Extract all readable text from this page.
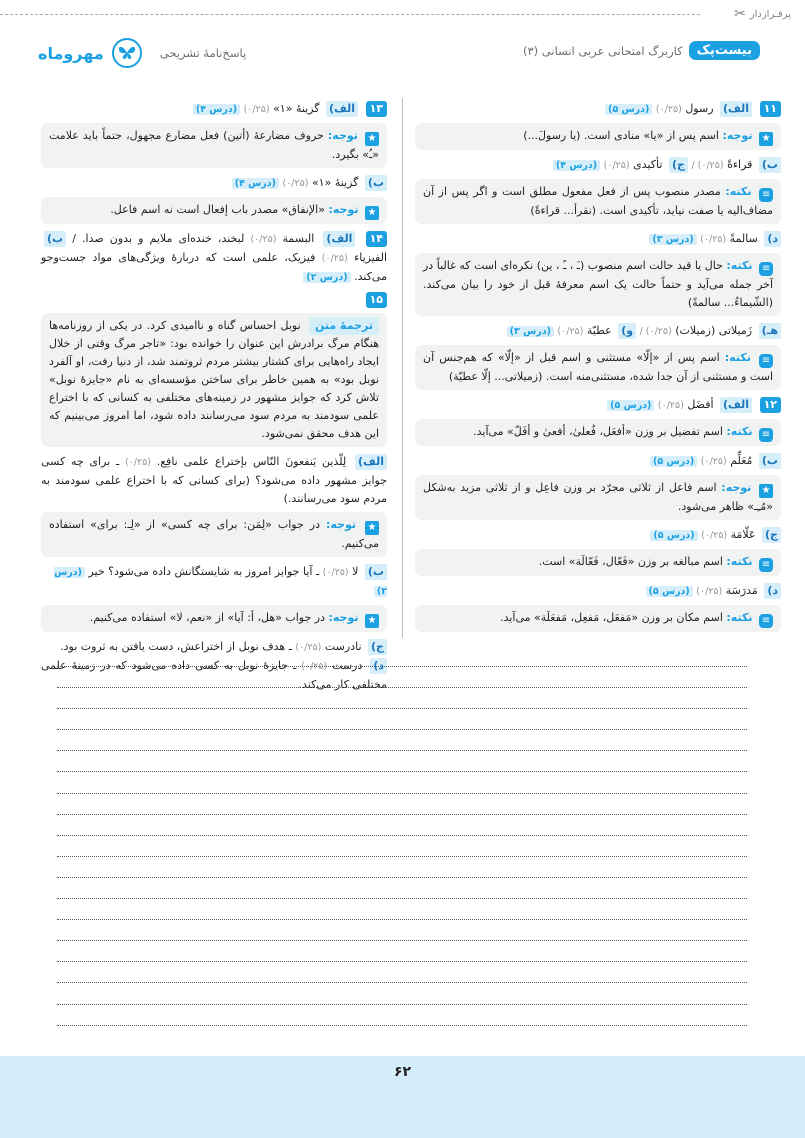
پرفـرازدار
✂
بیست‌پک
کاربرگ امتحانی عربی انسانی (۳)
پاسخ‌نامهٔ تشریحی
مهروماه
۱۱ الف) رسول (۰/۲۵) (درس ۵)
★ توجه: اسم پس از «یا» منادی است. (یا رسولَ...)
ب) قراءةً (۰/۲۵) / ج) تأکیدی (۰/۲۵) (درس ۴)
≡ نکته: مصدر منصوب پس از فعل مفعول مطلق است و اگر پس از آن مضاف‌الیه یا صفت نیاید، تأکیدی است. (نقرأ... قراءةً)
د) سالمةً (۰/۲۵) (درس ۳)
≡ نکته: حال یا قید حالت اسم منصوب (ـَ ، ـً ، ین) نکره‌ای است که غالباً در آخر جمله می‌آید و حتماً حالت یک اسم معرفهٔ قبل از خود را بیان می‌کند. (الشّیماءُ... سالمةً)
هـ) زَمیلاتی (زمیلات) (۰/۲۵) / و) عطیّة (۰/۲۵) (درس ۳)
≡ نکته: اسم پس از «إلّا» مستثنی و اسم قبل از «إلّا» که هم‌جنس آن است و مستثنی از آن جدا شده، مستثنی‌منه است. (زمیلاتی... إلّا عطیّة)
۱۲ الف) أفضَل (۰/۲۵) (درس ۵)
≡ نکته: اسم تفضیل بر وزن «أفعَل، فُعلیٰ، أفعیٰ و أفَلّ» می‌آید.
ب) مُعَلِّم (۰/۲۵) (درس ۵)
★ توجه: اسم فاعل از ثلاثی مجرّد بر وزن فاعِل و از ثلاثی مزید به‌شکل «مُـِـ» ظاهر می‌شود.
ج) عَلّامَة (۰/۲۵) (درس ۵)
≡ نکته: اسم مبالغه بر وزن «فَعّال، فَعّالَة» است.
د) مَدرَسَة (۰/۲۵) (درس ۵)
≡ نکته: اسم مکان بر وزن «مَفعَل، مَفعِل، مَفعَلَة» می‌آید.
۱۳ الف) گزینهٔ «۱» (۰/۲۵) (درس ۴)
★ توجه: حروف مضارعهٔ (أتین) فعل مضارع مجهول، حتماً باید علامت «ـُ» بگیرد.
ب) گزینهٔ «۱» (۰/۲۵) (درس ۴)
★ توجه: «الإنفاق» مصدر باب إفعال است نه اسم فاعل.
۱۴ الف) البسمة (۰/۲۵) لبخند، خنده‌ای ملایم و بدون صدا. / ب) الفیزیاء (۰/۲۵) فیزیک، علمی است که دربارهٔ ویژگی‌های مواد جست‌وجو می‌کند. (درس ۲)
۱۵
ترجمهٔ متن نوبل احساس گناه و ناامیدی کرد. در یکی از روزنامه‌ها هنگام مرگ برادرش این عنوان را خوانده بود: «تاجر مرگ وقتی از خلال ایجاد راه‌هایی برای کشتار بیشتر مردم ثروتمند شد، از دنیا رفت، او آلفرد نوبل بود» به همین خاطر برای ساختن مؤسسه‌ای به نام «جایزهٔ نوبل» تلاش کرد که جوایز مشهور در زمینه‌های مختلفی به کسانی که با اختراع علمی سودمند به مردم سود می‌رسانند داده شود، اما امروز می‌بینیم که این هدف محقق نمی‌شود.
الف) لِلّذین یَنفعونَ النّاس بإختراع علمی نافِع. (۰/۲۵) ـ برای چه کسی جوایز مشهور داده می‌شود؟ (برای کسانی که با اختراع علمی سودمند به مردم سود می‌رسانند.)
★ توجه: در جواب «لِمَن: برای چه کسی» از «لِـ: برای» استفاده می‌کنیم.
ب) لا (۰/۲۵) ـ آیا جوایز امروز به شایستگانش داده می‌شود؟ خیر (درس ۲)
★ توجه: در جواب «هل، أ: آیا» از «نعم، لا» استفاده می‌کنیم.
ج) نادرست (۰/۲۵) ـ هدف نوبل از اختراعش، دست یافتن به ثروت بود.
د) درست (۰/۲۵) ـ جایزهٔ نوبل به کسی داده می‌شود که در زمینهٔ علمی مختلفی کار می‌کند.
۶۲
